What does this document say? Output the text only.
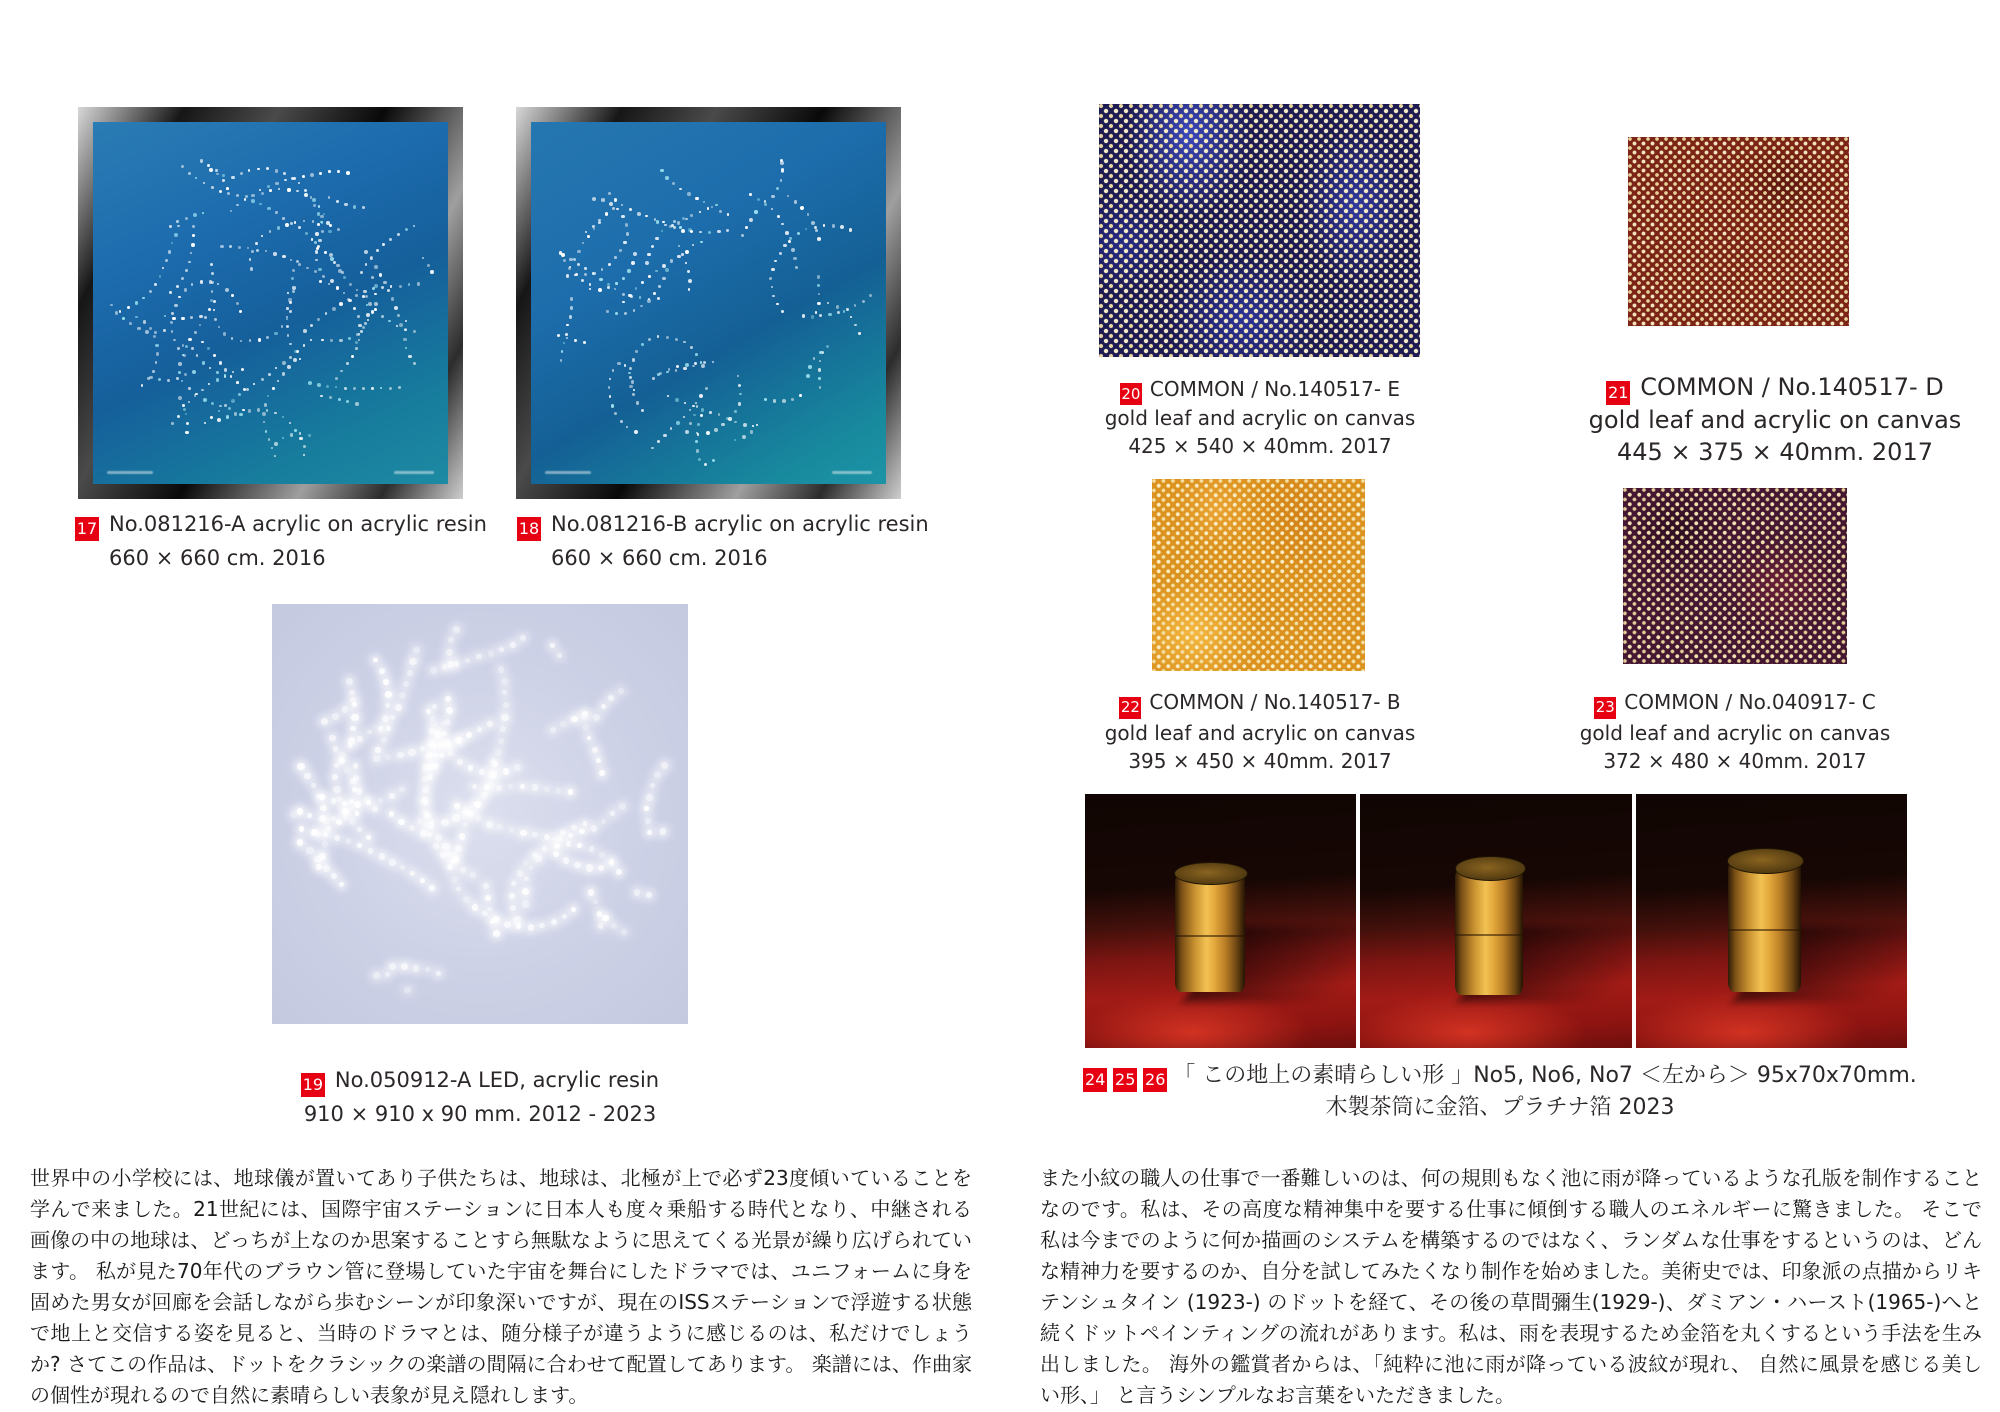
17 No.081216-A acrylic on acrylic resin
660 × 660 cm. 2016
18 No.081216-B acrylic on acrylic resin
660 × 660 cm. 2016
19 No.050912-A LED, acrylic resin
910 × 910 x 90 mm. 2012 - 2023

世界中の小学校には、地球儀が置いてあり子供たちは、地球は、北極が上で必ず23度傾いていることを学んで来ました。21世紀には、国際宇宙ステーションに日本人も度々乗船する時代となり、中継される画像の中の地球は、どっちが上なのか思案することすら無駄なように思えてくる光景が繰り広げられています。 私が見た70年代のブラウン管に登場していた宇宙を舞台にしたドラマでは、ユニフォームに身を固めた男女が回廊を会話しながら歩むシーンが印象深いですが、現在のISSステーションで浮遊する状態で地上と交信する姿を見ると、当時のドラマとは、随分様子が違うように感じるのは、私だけでしょうか? さてこの作品は、ドットをクラシックの楽譜の間隔に合わせて配置してあります。 楽譜には、作曲家の個性が現れるので自然に素晴らしい表象が見え隠れします。

20 COMMON / No.140517- E
gold leaf and acrylic on canvas
425 × 540 × 40mm. 2017
21 COMMON / No.140517- D
gold leaf and acrylic on canvas
445 × 375 × 40mm. 2017
22 COMMON / No.140517- B
gold leaf and acrylic on canvas
395 × 450 × 40mm. 2017
23 COMMON / No.040917- C
gold leaf and acrylic on canvas
372 × 480 × 40mm. 2017
24 25 26 「 この地上の素晴らしい形 」No5, No6, No7 ＜左から＞ 95x70x70mm.
木製茶筒に金箔、プラチナ箔 2023

また小紋の職人の仕事で一番難しいのは、何の規則もなく池に雨が降っているような孔版を制作することなのです。私は、その高度な精神集中を要する仕事に傾倒する職人のエネルギーに驚きました。 そこで私は今までのように何か描画のシステムを構築するのではなく、ランダムな仕事をするというのは、どんな精神力を要するのか、自分を試してみたくなり制作を始めました。美術史では、印象派の点描からリキテンシュタイン (1923-) のドットを経て、その後の草間彌生(1929-)、ダミアン・ハースト(1965-)へと続くドットペインティングの流れがあります。私は、雨を表現するため金箔を丸くするという手法を生み出しました。 海外の鑑賞者からは、「純粋に池に雨が降っている波紋が現れ、 自然に風景を感じる美しい形、」 と言うシンプルなお言葉をいただきました。
